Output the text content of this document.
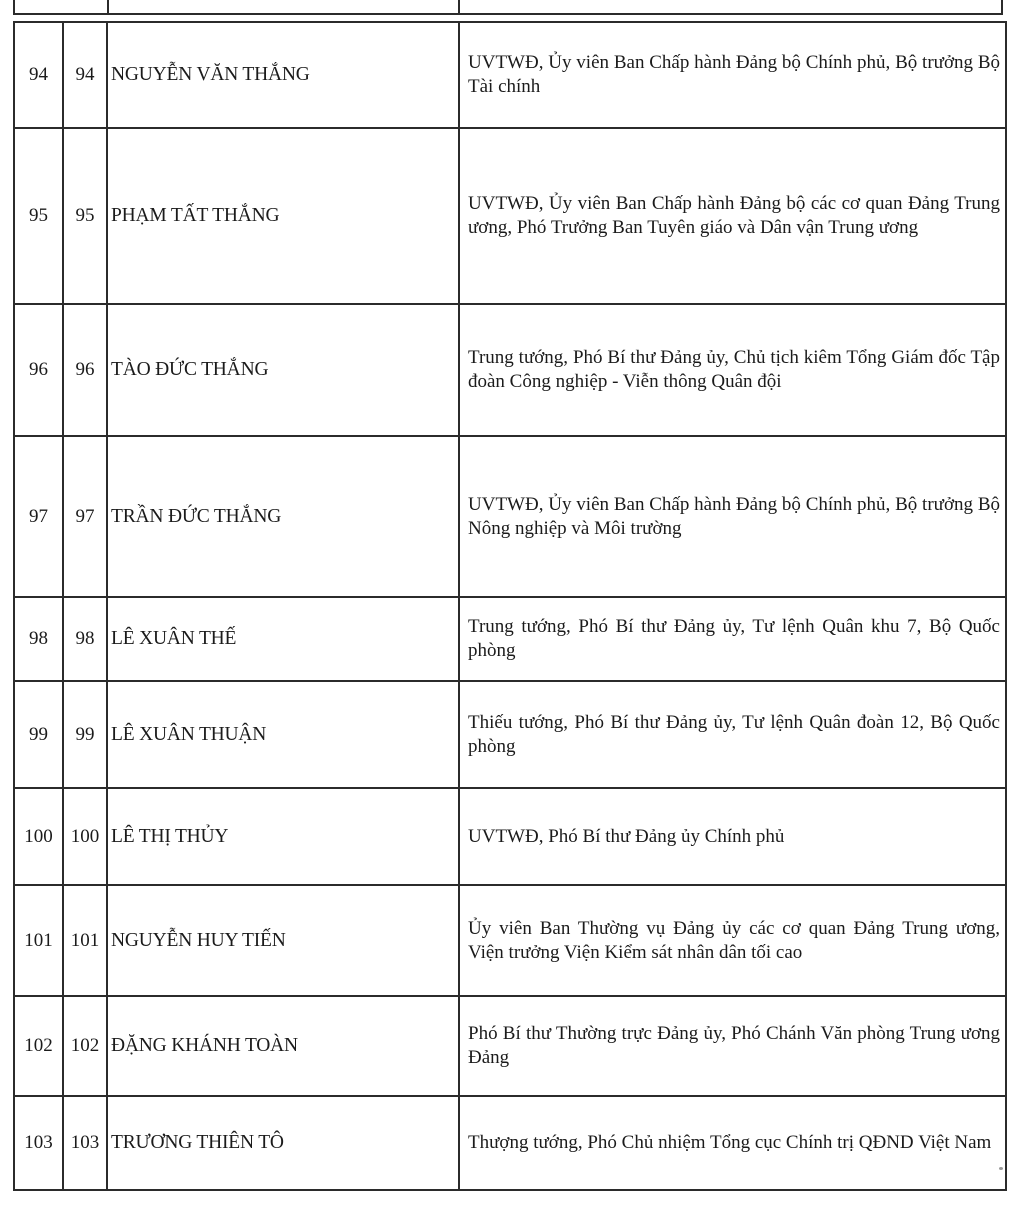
94	94	NGUYỄN VĂN THẮNG	UVTWĐ, Ủy viên Ban Chấp hành Đảng bộ Chính phủ, Bộ trưởng Bộ Tài chính
95	95	PHẠM TẤT THẮNG	UVTWĐ, Ủy viên Ban Chấp hành Đảng bộ các cơ quan Đảng Trung ương, Phó Trưởng Ban Tuyên giáo và Dân vận Trung ương
96	96	TÀO ĐỨC THẮNG	Trung tướng, Phó Bí thư Đảng ủy, Chủ tịch kiêm Tổng Giám đốc Tập đoàn Công nghiệp - Viễn thông Quân đội
97	97	TRẦN ĐỨC THẮNG	UVTWĐ, Ủy viên Ban Chấp hành Đảng bộ Chính phủ, Bộ trưởng Bộ Nông nghiệp và Môi trường
98	98	LÊ XUÂN THẾ	Trung tướng, Phó Bí thư Đảng ủy, Tư lệnh Quân khu 7, Bộ Quốc phòng
99	99	LÊ XUÂN THUẬN	Thiếu tướng, Phó Bí thư Đảng ủy, Tư lệnh Quân đoàn 12, Bộ Quốc phòng
100	100	LÊ THỊ THỦY	UVTWĐ, Phó Bí thư Đảng ủy Chính phủ
101	101	NGUYỄN HUY TIẾN	Ủy viên Ban Thường vụ Đảng ủy các cơ quan Đảng Trung ương, Viện trưởng Viện Kiểm sát nhân dân tối cao
102	102	ĐẶNG KHÁNH TOÀN	Phó Bí thư Thường trực Đảng ủy, Phó Chánh Văn phòng Trung ương Đảng
103	103	TRƯƠNG THIÊN TÔ	Thượng tướng, Phó Chủ nhiệm Tổng cục Chính trị QĐND Việt Nam
